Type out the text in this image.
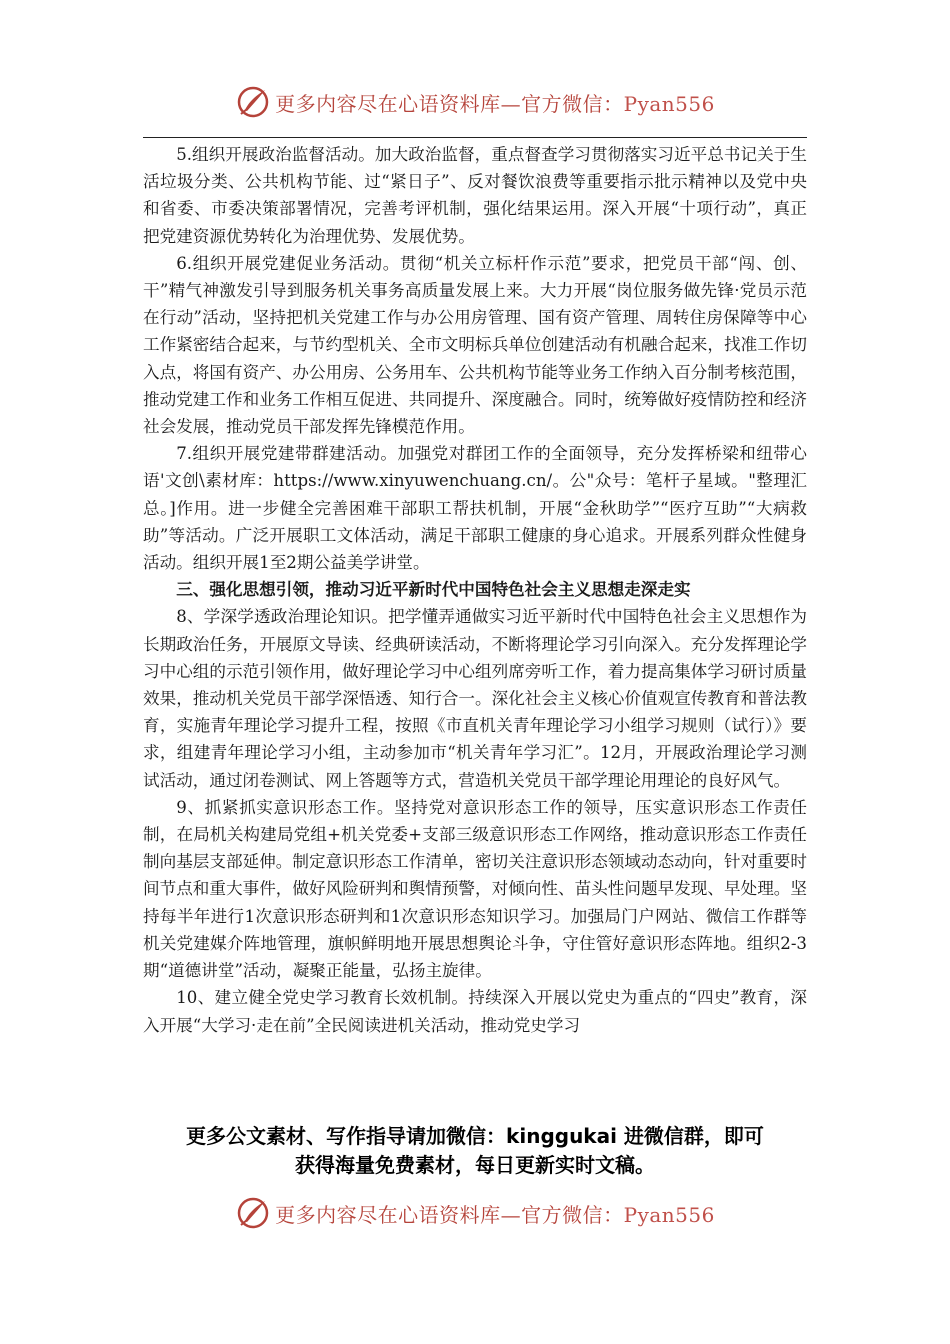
更多内容尽在心语资料库—官方微信：Pyan556

5.组织开展政治监督活动。加大政治监督，重点督查学习贯彻落实习近平总书记关于生活垃圾分类、公共机构节能、过“紧日子”、反对餐饮浪费等重要指示批示精神以及党中央和省委、市委决策部署情况，完善考评机制，强化结果运用。深入开展“十项行动”，真正把党建资源优势转化为治理优势、发展优势。

6.组织开展党建促业务活动。贯彻“机关立标杆作示范”要求，把党员干部“闯、创、干”精气神激发引导到服务机关事务高质量发展上来。大力开展“岗位服务做先锋·党员示范在行动”活动，坚持把机关党建工作与办公用房管理、国有资产管理、周转住房保障等中心工作紧密结合起来，与节约型机关、全市文明标兵单位创建活动有机融合起来，找准工作切入点，将国有资产、办公用房、公务用车、公共机构节能等业务工作纳入百分制考核范围，推动党建工作和业务工作相互促进、共同提升、深度融合。同时，统筹做好疫情防控和经济社会发展，推动党员干部发挥先锋模范作用。

7.组织开展党建带群建活动。加强党对群团工作的全面领导，充分发挥桥梁和纽带心语'文创\素材库：https://www.xinyuwenchuang.cn/。公"众号：笔杆子星域。"整理汇总。]作用。进一步健全完善困难干部职工帮扶机制，开展“金秋助学”“医疗互助”“大病救助”等活动。广泛开展职工文体活动，满足干部职工健康的身心追求。开展系列群众性健身活动。组织开展1至2期公益美学讲堂。

三、强化思想引领，推动习近平新时代中国特色社会主义思想走深走实

8、学深学透政治理论知识。把学懂弄通做实习近平新时代中国特色社会主义思想作为长期政治任务，开展原文导读、经典研读活动，不断将理论学习引向深入。充分发挥理论学习中心组的示范引领作用，做好理论学习中心组列席旁听工作，着力提高集体学习研讨质量效果，推动机关党员干部学深悟透、知行合一。深化社会主义核心价值观宣传教育和普法教育，实施青年理论学习提升工程，按照《市直机关青年理论学习小组学习规则（试行）》要求，组建青年理论学习小组，主动参加市“机关青年学习汇”。12月，开展政治理论学习测试活动，通过闭卷测试、网上答题等方式，营造机关党员干部学理论用理论的良好风气。

9、抓紧抓实意识形态工作。坚持党对意识形态工作的领导，压实意识形态工作责任制，在局机关构建局党组+机关党委+支部三级意识形态工作网络，推动意识形态工作责任制向基层支部延伸。制定意识形态工作清单，密切关注意识形态领域动态动向，针对重要时间节点和重大事件，做好风险研判和舆情预警，对倾向性、苗头性问题早发现、早处理。坚持每半年进行1次意识形态研判和1次意识形态知识学习。加强局门户网站、微信工作群等机关党建媒介阵地管理，旗帜鲜明地开展思想舆论斗争，守住管好意识形态阵地。组织2-3期“道德讲堂”活动，凝聚正能量，弘扬主旋律。

10、建立健全党史学习教育长效机制。持续深入开展以党史为重点的“四史”教育，深入开展“大学习·走在前”全民阅读进机关活动，推动党史学习

更多公文素材、写作指导请加微信：kinggukai 进微信群，即可
获得海量免费素材，每日更新实时文稿。
更多内容尽在心语资料库—官方微信：Pyan556
